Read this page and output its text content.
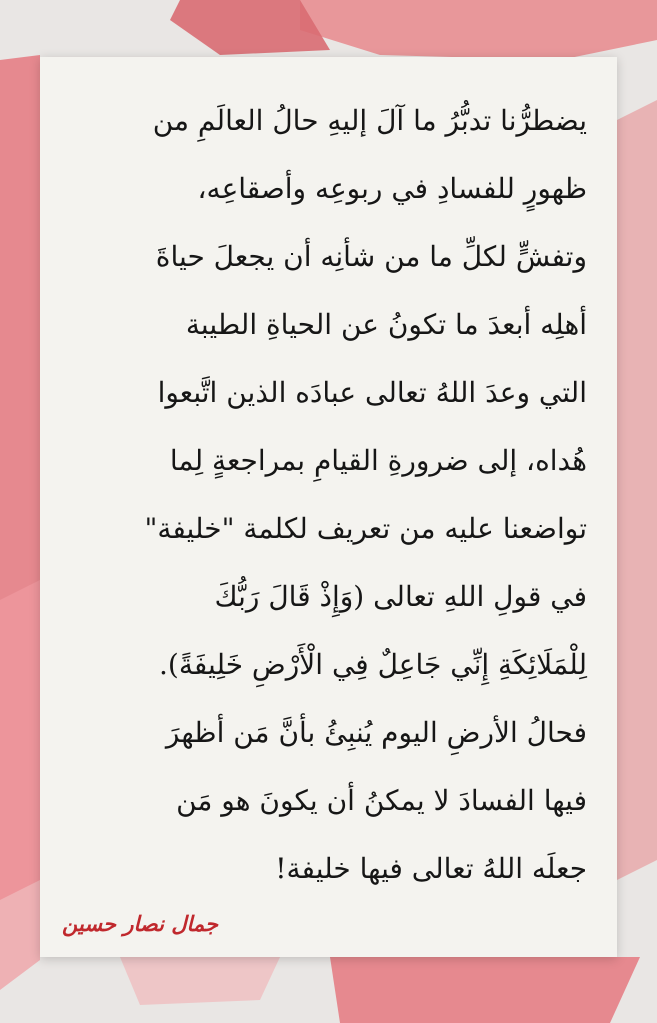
يضطرُّنا تدبُّرُ ما آلَ إليهِ حالُ العالَمِ من
ظهورٍ للفسادِ في ربوعِه وأصقاعِه،
وتفشٍّ لكلِّ ما من شأنِه أن يجعلَ حياةَ
أهلِه أبعدَ ما تكونُ عن الحياةِ الطيبة
التي وعدَ اللهُ تعالى عبادَه الذين اتَّبعوا
هُداه، إلى ضرورةِ القيامِ بمراجعةٍ لِما
تواضعنا عليه من تعريف لكلمة "خليفة"
في قولِ اللهِ تعالى (وَإِذْ قَالَ رَبُّكَ
لِلْمَلَائِكَةِ إِنِّي جَاعِلٌ فِي الْأَرْضِ خَلِيفَةً).
فحالُ الأرضِ اليوم يُنبِئُ بأنَّ مَن أظهرَ
فيها الفسادَ لا يمكنُ أن يكونَ هو مَن
جعلَه اللهُ تعالى فيها خليفة!
جمال نصار حسين
